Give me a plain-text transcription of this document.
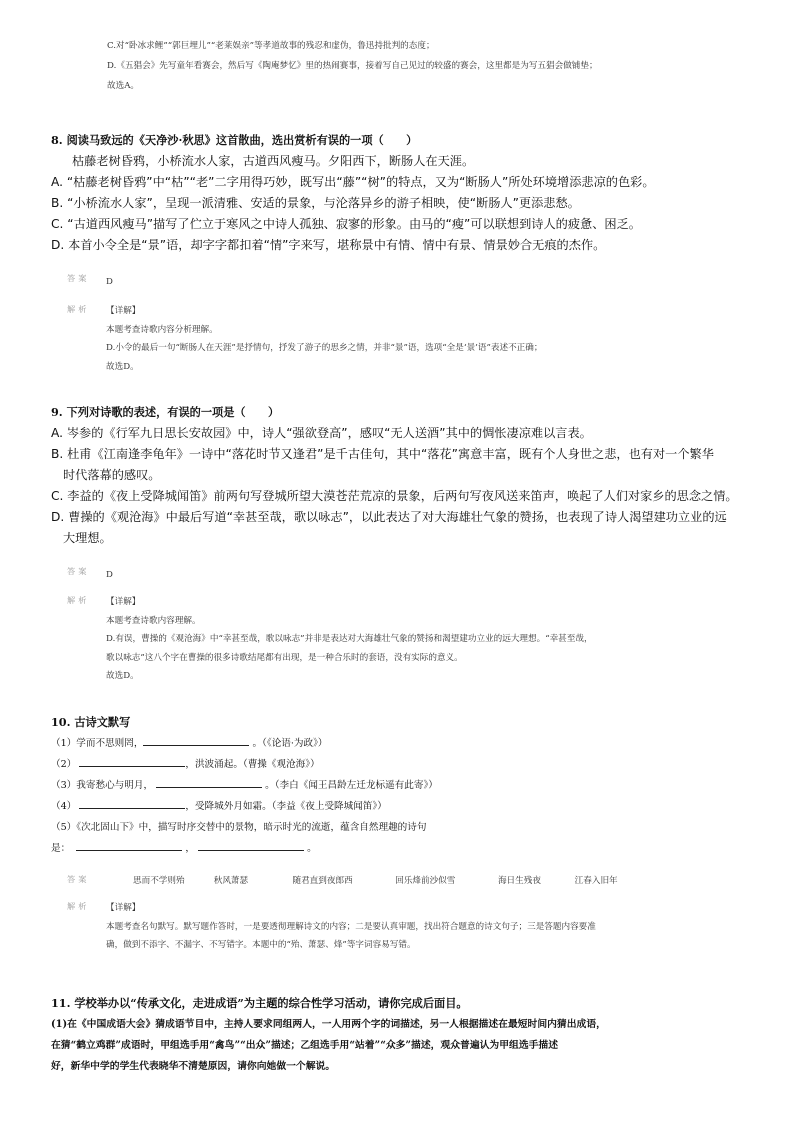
C.对“卧冰求鲤”“郭巨埋儿”“老莱娱亲”等孝道故事的残忍和虚伪，鲁迅持批判的态度；
D.《五猖会》先写童年看赛会，然后写《陶庵梦忆》里的热闹赛事，接着写自己见过的较盛的赛会，这里都是为写五猖会做铺垫；
故选A。
8. 阅读马致远的《天净沙·秋思》这首散曲，选出赏析有误的一项（　　）
枯藤老树昏鸦，小桥流水人家，古道西风瘦马。夕阳西下，断肠人在天涯。
A. “枯藤老树昏鸦”中“枯”“老”二字用得巧妙，既写出“藤”“树”的特点，又为“断肠人”所处环境增添悲凉的色彩。
B. “小桥流水人家”，呈现一派清雅、安适的景象，与沦落异乡的游子相映，使“断肠人”更添悲愁。
C. “古道西风瘦马”描写了伫立于寒风之中诗人孤独、寂寥的形象。由马的“瘦”可以联想到诗人的疲惫、困乏。
D. 本首小令全是“景”语，却字字都扣着“情”字来写，堪称景中有情、情中有景、情景妙合无痕的杰作。
答案 D
解析 【详解】
本题考查诗歌内容分析理解。
D.小令的最后一句“断肠人在天涯”是抒情句，抒发了游子的思乡之情，并非“景”语，选项“全是‘景’语”表述不正确；
故选D。
9. 下列对诗歌的表述，有误的一项是（　　）
A. 岑参的《行军九日思长安故园》中，诗人“强欲登高”，感叹“无人送酒”其中的惆怅凄凉难以言表。
B. 杜甫《江南逢李龟年》一诗中“落花时节又逢君”是千古佳句，其中“落花”寓意丰富，既有个人身世之悲，也有对一个繁华
时代落幕的感叹。
C. 李益的《夜上受降城闻笛》前两句写登城所望大漠苍茫荒凉的景象，后两句写夜风送来笛声，唤起了人们对家乡的思念之情。
D. 曹操的《观沧海》中最后写道“幸甚至哉，歌以咏志”，以此表达了对大海雄壮气象的赞扬，也表现了诗人渴望建功立业的远
大理想。
答案 D
解析 【详解】
本题考查诗歌内容理解。
D.有误，曹操的《观沧海》中“幸甚至哉，歌以咏志”并非是表达对大海雄壮气象的赞扬和渴望建功立业的远大理想。“幸甚至哉，
歌以咏志”这八个字在曹操的很多诗歌结尾都有出现，是一种合乐时的套语，没有实际的意义。
故选D。
10. 古诗文默写
（1）学而不思则罔，	。（《论语·为政》）
（2）	，洪波涌起。（曹操《观沧海》）
（3）我寄愁心与明月，	。（李白《闻王昌龄左迁龙标遥有此寄》）
（4）	，受降城外月如霜。（李益《夜上受降城闻笛》）
（5）《次北固山下》中，描写时序交替中的景物，暗示时光的流逝，蕴含自然理趣的诗句
是：	，	。
答案	思而不学则殆	秋风萧瑟	随君直到夜郎西	回乐烽前沙似雪	海日生残夜	江春入旧年
解析 【详解】
本题考查名句默写。默写题作答时，一是要透彻理解诗文的内容；二是要认真审题，找出符合题意的诗文句子；三是答题内容要准
确，做到不添字、不漏字、不写错字。本题中的“殆、萧瑟、烽”等字词容易写错。
11. 学校举办以“传承文化，走进成语”为主题的综合性学习活动，请你完成后面目。
(1)在《中国成语大会》猜成语节目中，主持人要求同组两人，一人用两个字的词描述，另一人根据描述在最短时间内猜出成语，
在猜“鹤立鸡群”成语时，甲组选手用“禽鸟”“出众”描述；乙组选手用“站着”“众多”描述，观众普遍认为甲组选手描述
好，新华中学的学生代表晓华不清楚原因，请你向她做一个解说。
